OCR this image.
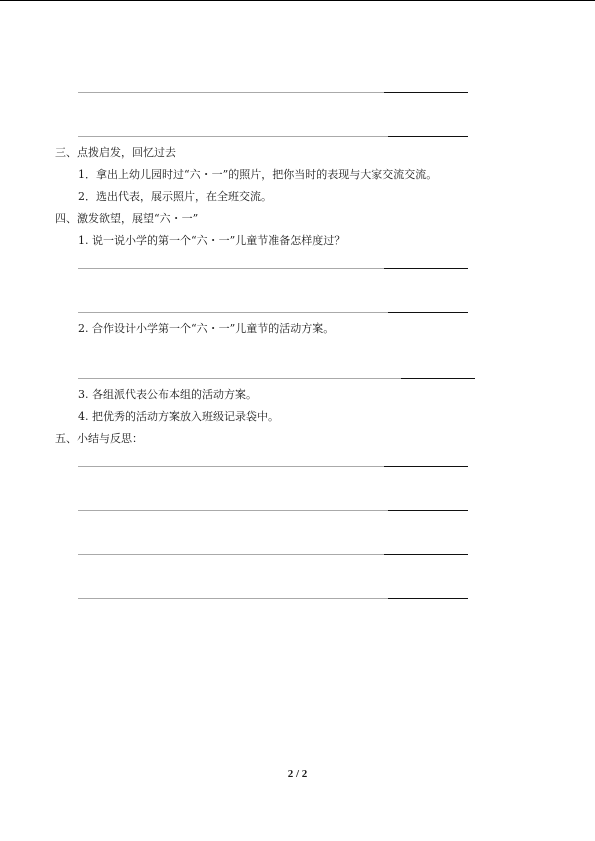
三、点拨启发，回忆过去
1．拿出上幼儿园时过“六・一”的照片，把你当时的表现与大家交流交流。
2．选出代表，展示照片，在全班交流。
四、激发欲望，展望“六・一”
1. 说一说小学的第一个“六・一”儿童节准备怎样度过？
2. 合作设计小学第一个“六・一”儿童节的活动方案。
3. 各组派代表公布本组的活动方案。
4. 把优秀的活动方案放入班级记录袋中。
五、小结与反思：
2 / 2
